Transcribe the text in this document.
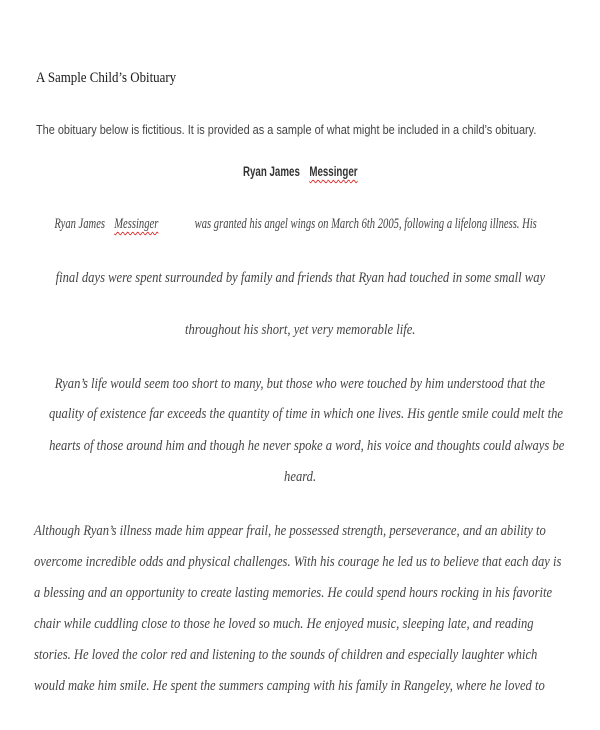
A Sample Child’s Obituary
The obituary below is fictitious. It is provided as a sample of what might be included in a child’s obituary.
Ryan JamesMessinger
Ryan JamesMessingerwas granted his angel wings on March 6th 2005, following a lifelong illness. His
final days were spent surrounded by family and friends that Ryan had touched in some small way
throughout his short, yet very memorable life.
Ryan’s life would seem too short to many, but those who were touched by him understood that the
quality of existence far exceeds the quantity of time in which one lives. His gentle smile could melt the
hearts of those around him and though he never spoke a word, his voice and thoughts could always be
heard.
Although Ryan’s illness made him appear frail, he possessed strength, perseverance, and an ability to
overcome incredible odds and physical challenges. With his courage he led us to believe that each day is
a blessing and an opportunity to create lasting memories. He could spend hours rocking in his favorite
chair while cuddling close to those he loved so much. He enjoyed music, sleeping late, and reading
stories. He loved the color red and listening to the sounds of children and especially laughter which
would make him smile. He spent the summers camping with his family in Rangeley, where he loved to
